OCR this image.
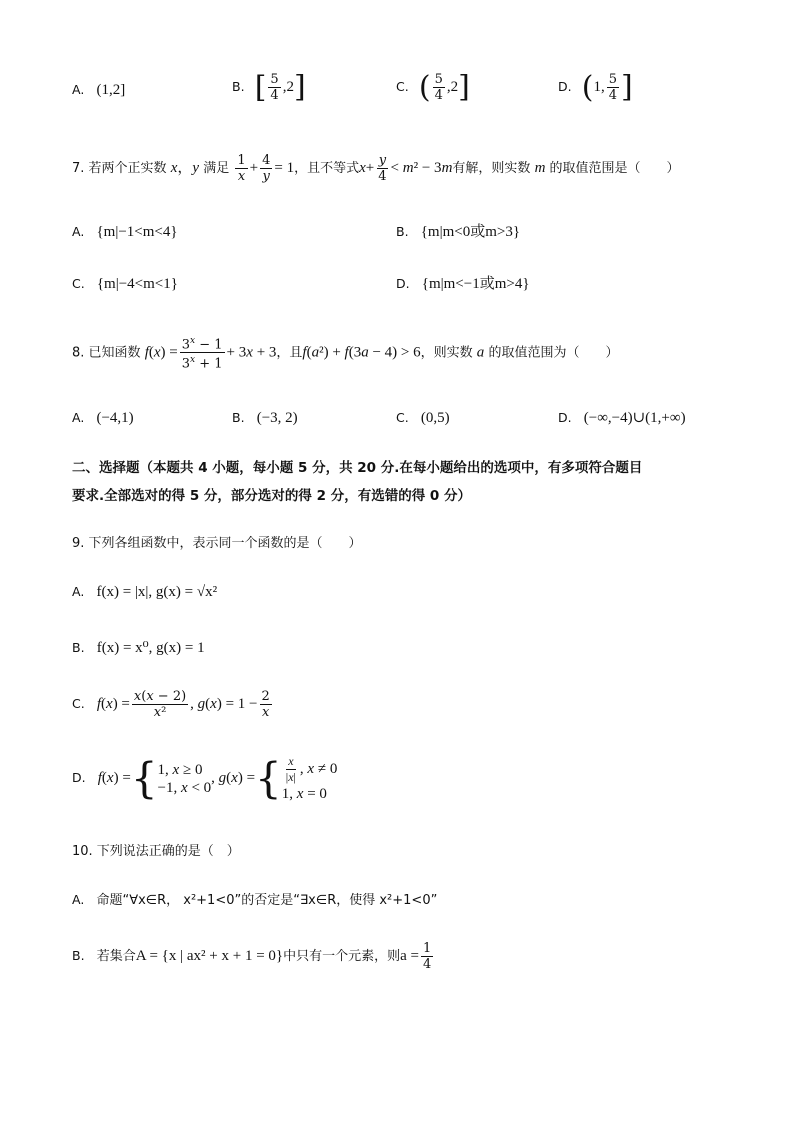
A. (1,2]	B. [ $\frac{5}{4} ,2$]	C. ( $\frac{5}{4} ,2$]	D. (1, $\frac{5}{4}$ ]
7. 若两个正实数 x，y 满足 $\frac{1}{x} + \frac{4}{y} = 1$，且不等式$x+ \frac{y}{4} < m^2 - 3m$有解，则实数 m 的取值范围是（　　）
A. {m|−1<m<4}	B. {m|m<0或m>3}
C. {m|−4<m<1}	D. {m|m<−1或m>4}
8. 已知函数 $f(x) = \frac{3^x - 1}{3^x + 1} + 3x + 3$，且f(a²) + f(3a − 4) > 6，则实数 a 的取值范围为（　　）
A. (−4,1)	B. (−3, 2)	C. (0,5)	D. (−∞,−4)∪(1,+∞)
二、选择题（本题共 4 小题，每小题 5 分，共 20 分.在每小题给出的选项中，有多项符合题目
要求.全部选对的得 5 分，部分选对的得 2 分，有选错的得 0 分）
9. 下列各组函数中，表示同一个函数的是（　　）
A. f(x) = |x|, g(x) = √x²
B. f(x) = x⁰, g(x) = 1
C. $f(x) = \frac{x(x - 2)}{\text{x²}}$ , $g(x) = 1 - \frac{2}{x}$
D. f(x) ={ 1, x ≥ 0
−1, x < 0
, g(x) ={ $\frac{x}{|x|}$ , x ≠ 0
1, x = 0
10. 下列说法正确的是（　）
A. 命题“∀x∈R， x²+1<0”的否定是“∃x∈R，使得 x²+1<0”
B. 若集合A = {x | ax² + x + 1 = 0}中只有一个元素，则$a = \frac{1}{4}$
